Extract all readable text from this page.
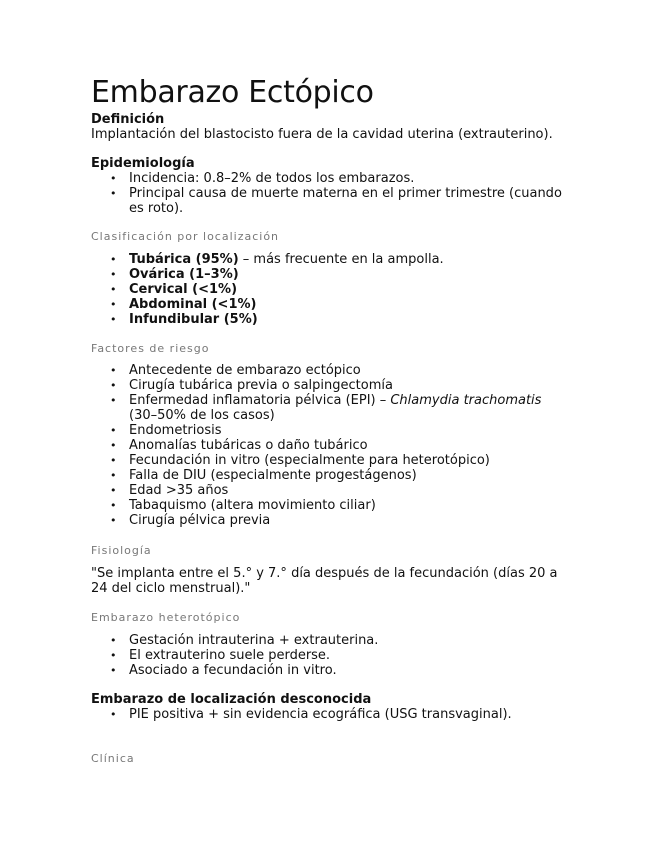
Embarazo Ectópico
Definición

Implantación del blastocisto fuera de la cavidad uterina (extrauterino).

Epidemiología
• Incidencia: 0.8–2% de todos los embarazos.
• Principal causa de muerte materna en el primer trimestre (cuando es roto).
Clasificación por localización
• Tubárica (95%) – más frecuente en la ampolla.
• Ovárica (1–3%)
• Cervical (<1%)
• Abdominal (<1%)
• Infundibular (5%)
Factores de riesgo
• Antecedente de embarazo ectópico
• Cirugía tubárica previa o salpingectomía
• Enfermedad inflamatoria pélvica (EPI) – Chlamydia trachomatis (30–50% de los casos)
• Endometriosis
• Anomalías tubáricas o daño tubárico
• Fecundación in vitro (especialmente para heterotópico)
• Falla de DIU (especialmente progestágenos)
• Edad >35 años
• Tabaquismo (altera movimiento ciliar)
• Cirugía pélvica previa
Fisiología

"Se implanta entre el 5.° y 7.° día después de la fecundación (días 20 a 24 del ciclo menstrual)."

Embarazo heterotópico
• Gestación intrauterina + extrauterina.
• El extrauterino suele perderse.
• Asociado a fecundación in vitro.
Embarazo de localización desconocida
• PIE positiva + sin evidencia ecográfica (USG transvaginal).
Clínica
